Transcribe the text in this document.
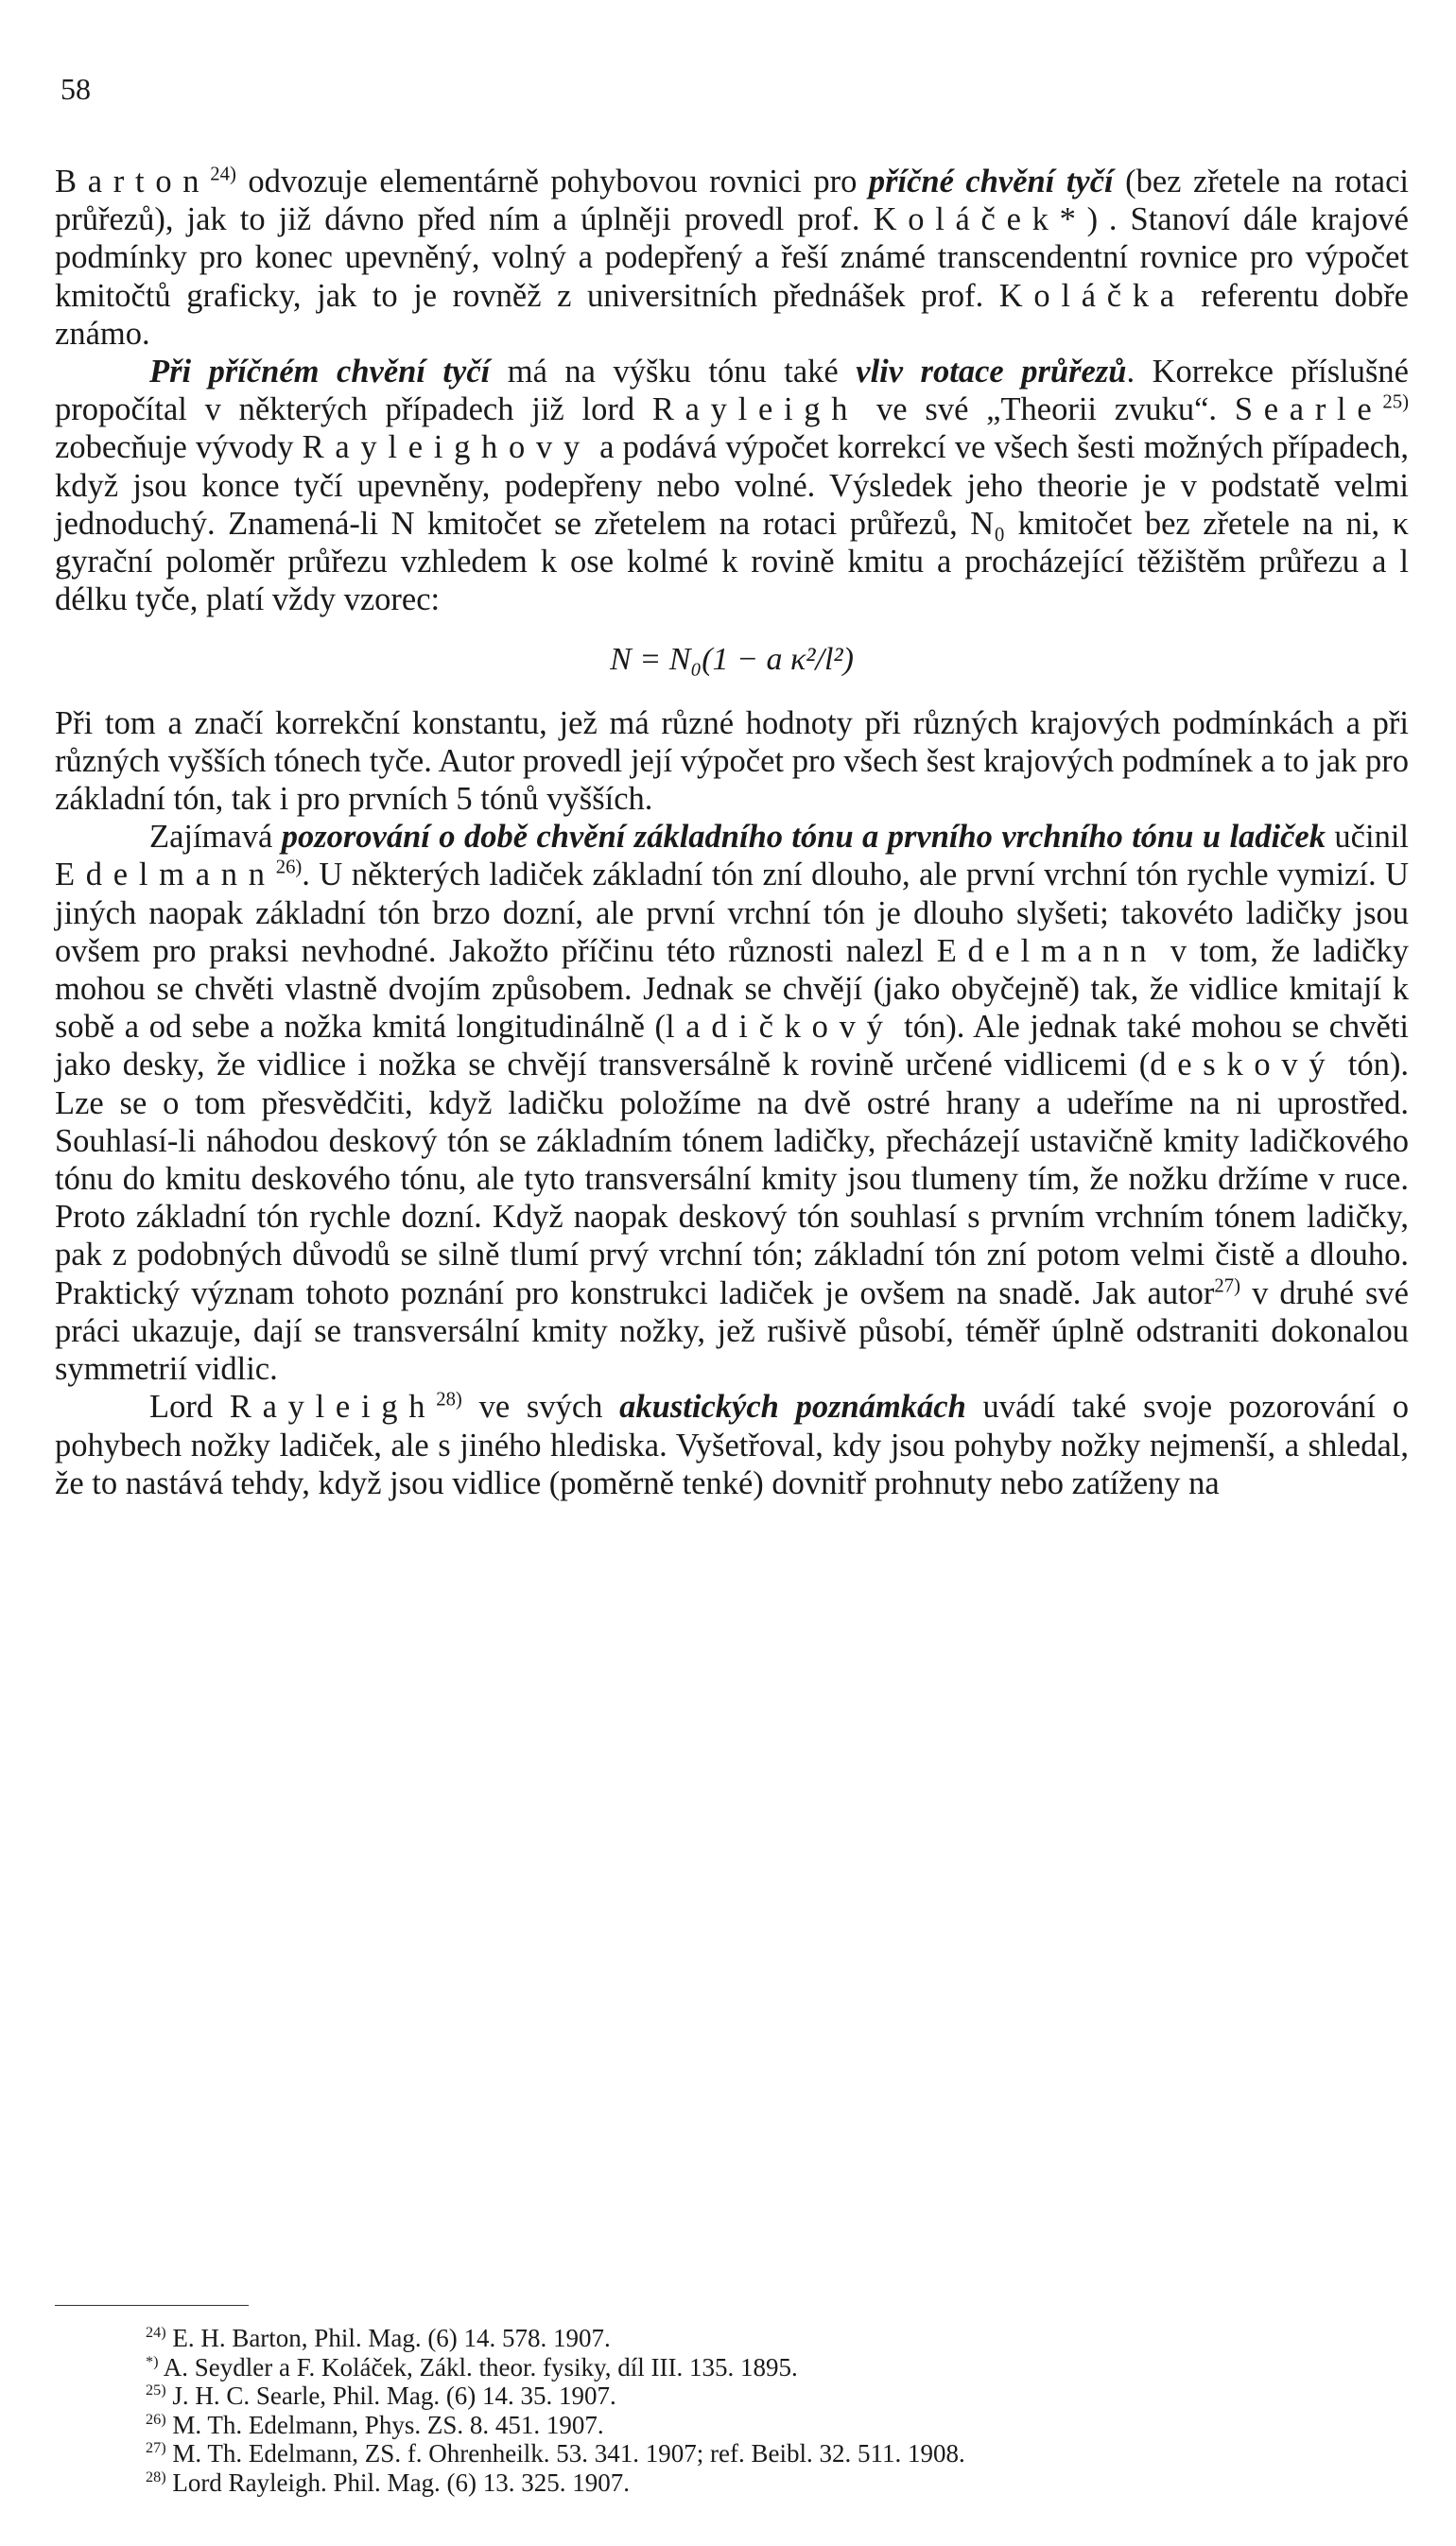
58

Barton$^{24)}$ odvozuje elementárně pohybovou rovnici pro příčné chvění tyčí (bez zřetele na rotaci průřezů), jak to již dávno před ním a úplněji provedl prof. Koláček*). Stanoví dále krajové podmínky pro konec upevněný, volný a podepřený a řeší známé transcendentní rovnice pro výpočet kmitočtů graficky, jak to je rovněž z universitních přednášek prof. Koláčka referentu dobře známo.

Při příčném chvění tyčí má na výšku tónu také vliv rotace průřezů. Korrekce příslušné propočítal v některých případech již lord Rayleigh ve své „Theorii zvuku“. Searle$^{25)}$ zobecňuje vývody Rayleighovy a podává výpočet korrekcí ve všech šesti možných případech, když jsou konce tyčí upevněny, podepřeny nebo volné. Výsledek jeho theorie je v podstatě velmi jednoduchý. Znamená-li N kmitočet se zřetelem na rotaci průřezů, N₀ kmitočet bez zřetele na ni, κ gyrační poloměr průřezu vzhledem k ose kolmé k rovině kmitu a procházející těžištěm průřezu a l délku tyče, platí vždy vzorec:

N = N₀(1 − a κ²/l²)

Při tom a značí korrekční konstantu, jež má různé hodnoty při různých krajových podmínkách a při různých vyšších tónech tyče. Autor provedl její výpočet pro všech šest krajových podmínek a to jak pro základní tón, tak i pro prvních 5 tónů vyšších.

Zajímavá pozorování o době chvění základního tónu a prvního vrchního tónu u ladiček učinil Edelmann$^{26)}$. U některých ladiček základní tón zní dlouho, ale první vrchní tón rychle vymizí. U jiných naopak základní tón brzo dozní, ale první vrchní tón je dlouho slyšeti; takovéto ladičky jsou ovšem pro praksi nevhodné. Jakožto příčinu této různosti nalezl Edelmann v tom, že ladičky mohou se chvěti vlastně dvojím způsobem. Jednak se chvějí (jako obyčejně) tak, že vidlice kmitají k sobě a od sebe a nožka kmitá longitudinálně (ladičkový tón). Ale jednak také mohou se chvěti jako desky, že vidlice i nožka se chvějí transversálně k rovině určené vidlicemi (deskový tón). Lze se o tom přesvědčiti, když ladičku položíme na dvě ostré hrany a udeříme na ni uprostřed. Souhlasí-li náhodou deskový tón se základním tónem ladičky, přecházejí ustavičně kmity ladičkového tónu do kmitu deskového tónu, ale tyto transversální kmity jsou tlumeny tím, že nožku držíme v ruce. Proto základní tón rychle dozní. Když naopak deskový tón souhlasí s prvním vrchním tónem ladičky, pak z podobných důvodů se silně tlumí prvý vrchní tón; základní tón zní potom velmi čistě a dlouho. Praktický význam tohoto poznání pro konstrukci ladiček je ovšem na snadě. Jak autor$^{27)}$ v druhé své práci ukazuje, dají se transversální kmity nožky, jež rušivě působí, téměř úplně odstraniti dokonalou symmetrií vidlic.

Lord Rayleigh$^{28)}$ ve svých akustických poznámkách uvádí také svoje pozorování o pohybech nožky ladiček, ale s jiného hlediska. Vyšetřoval, kdy jsou pohyby nožky nejmenší, a shledal, že to nastává tehdy, když jsou vidlice (poměrně tenké) dovnitř prohnuty nebo zatíženy na

$^{24)}$ E. H. Barton, Phil. Mag. (6) 14. 578. 1907.

*) A. Seydler a F. Koláček, Zákl. theor. fysiky, díl III. 135. 1895.

$^{25)}$ J. H. C. Searle, Phil. Mag. (6) 14. 35. 1907.

$^{26)}$ M. Th. Edelmann, Phys. ZS. 8. 451. 1907.

$^{27)}$ M. Th. Edelmann, ZS. f. Ohrenheilk. 53. 341. 1907; ref. Beibl. 32. 511. 1908.

$^{28)}$ Lord Rayleigh. Phil. Mag. (6) 13. 325. 1907.
